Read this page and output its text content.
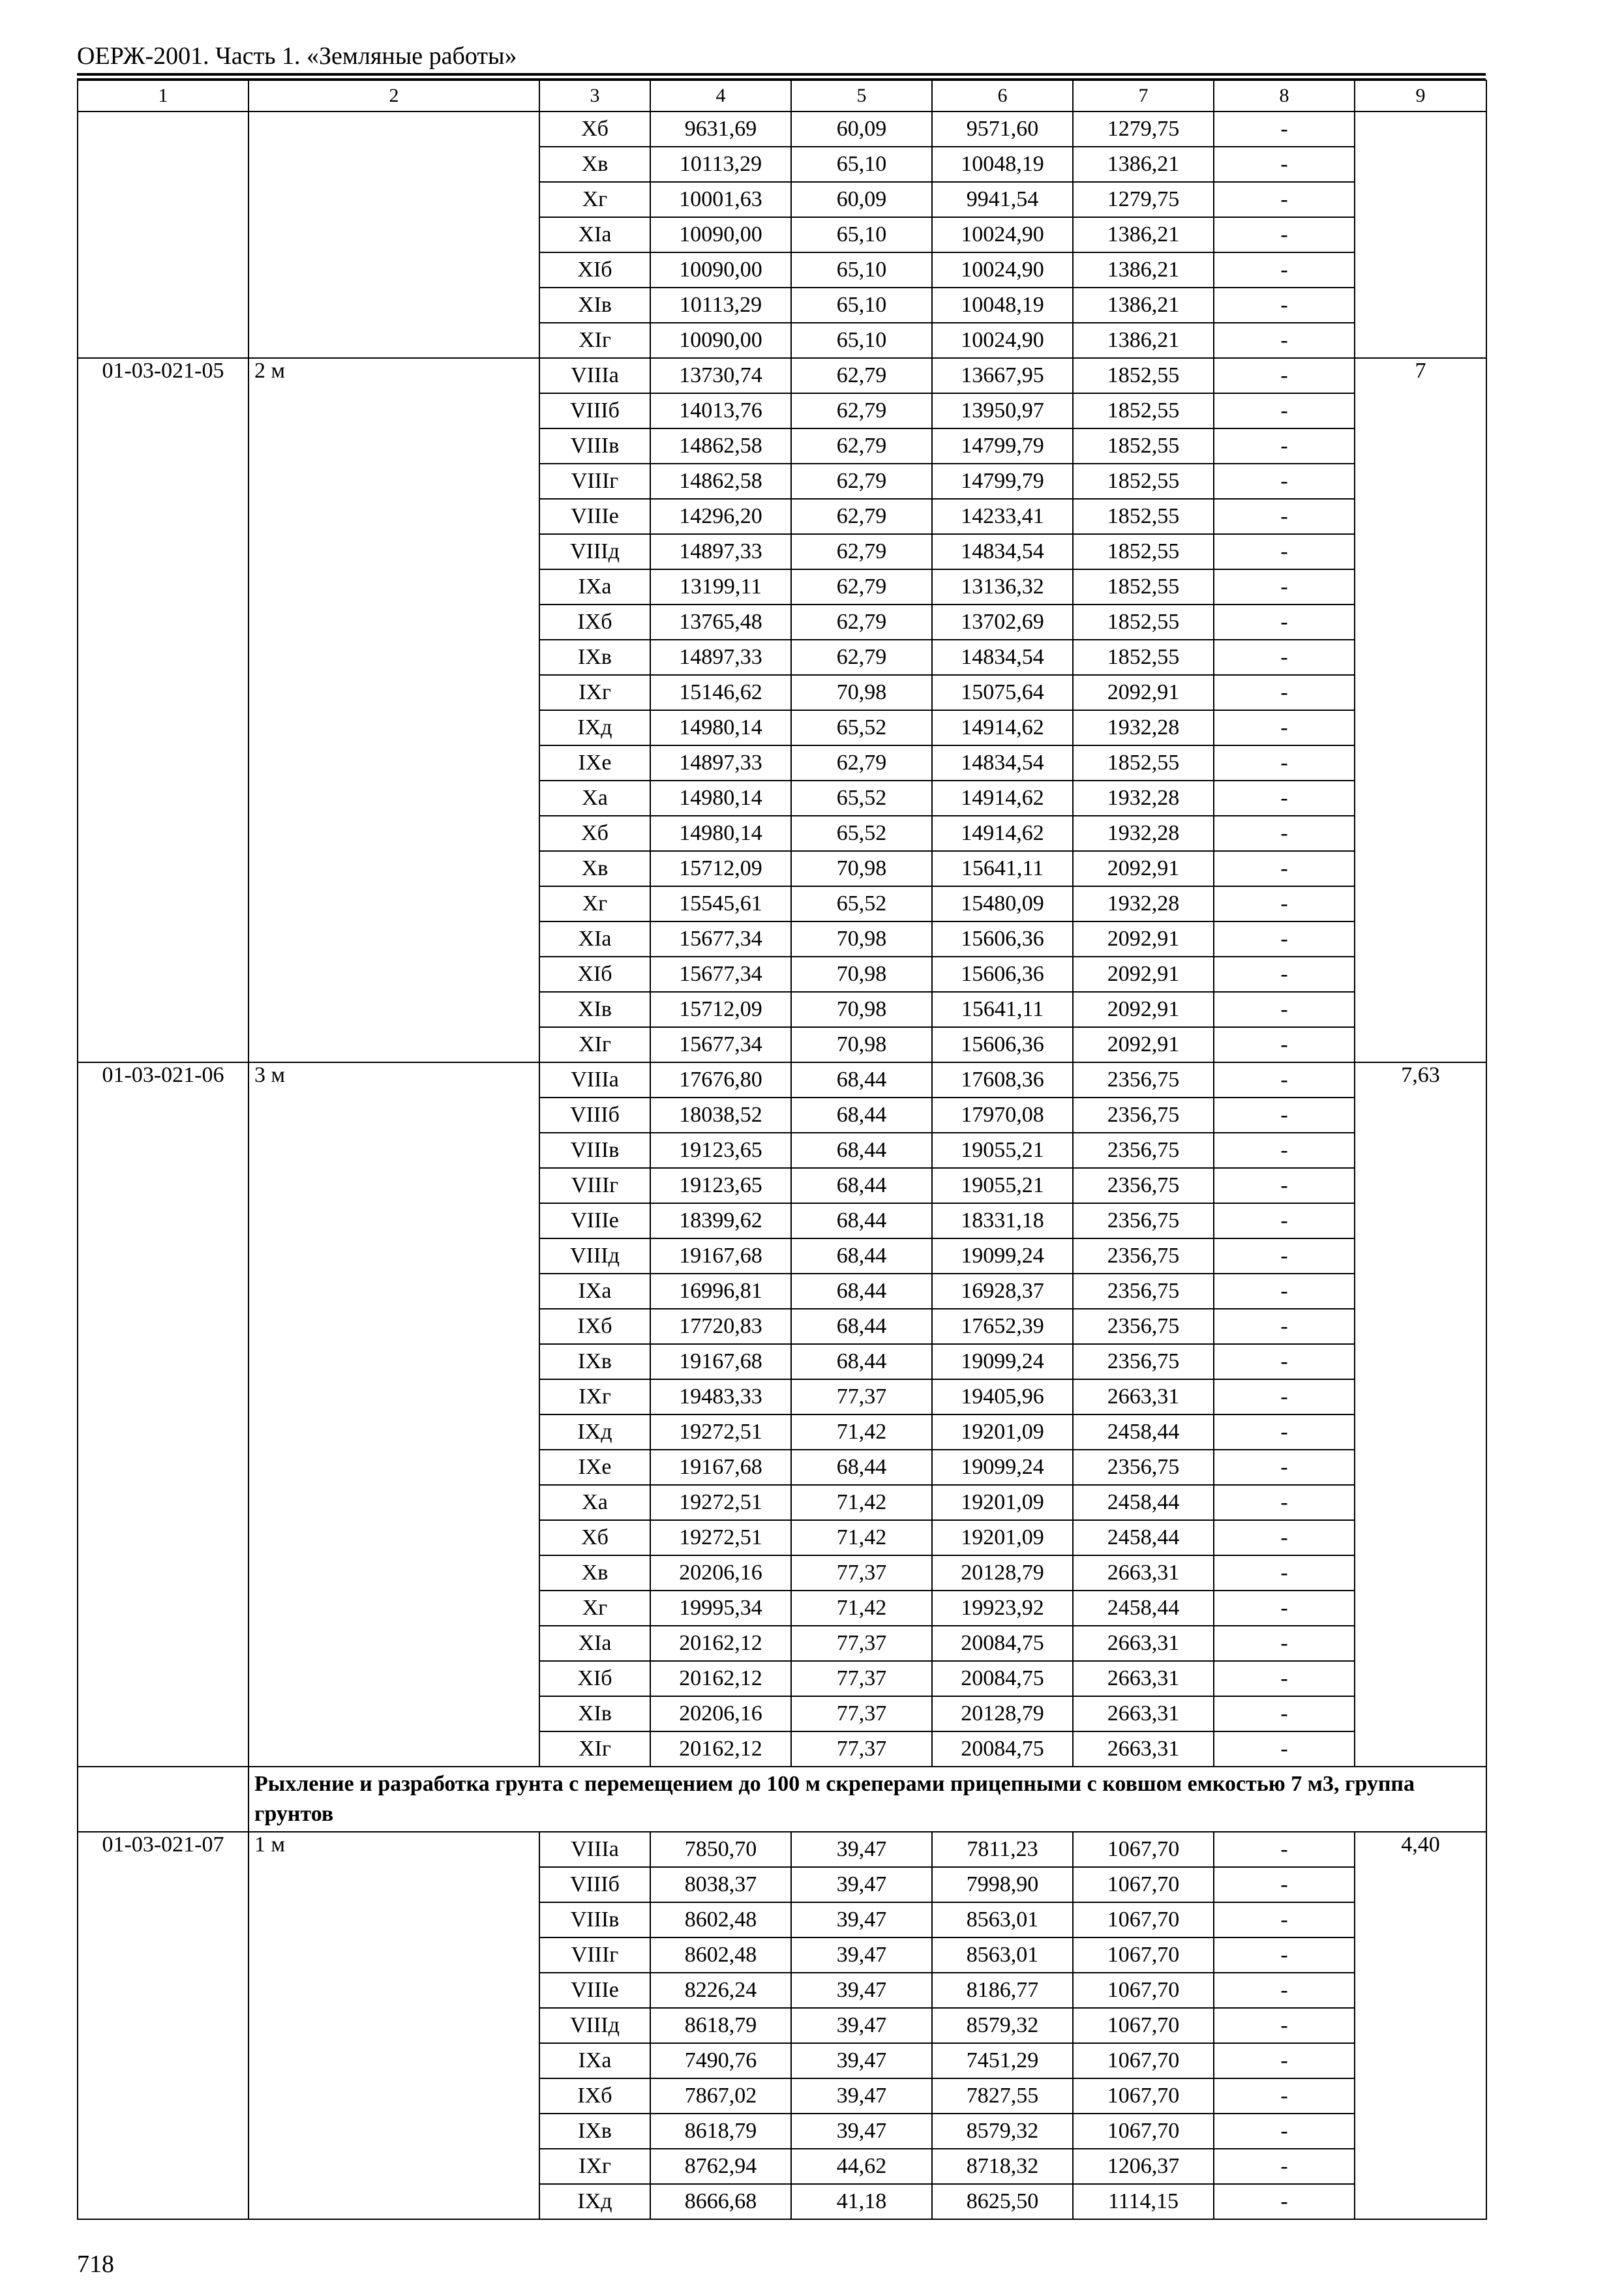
ОЕРЖ-2001. Часть 1. «Земляные работы»
1	2	3	4	5	6	7	8	9
		Хб	9631,69	60,09	9571,60	1279,75	-	
		Хв	10113,29	65,10	10048,19	1386,21	-	
		Хг	10001,63	60,09	9941,54	1279,75	-	
		ХIа	10090,00	65,10	10024,90	1386,21	-	
		ХIб	10090,00	65,10	10024,90	1386,21	-	
		ХIв	10113,29	65,10	10048,19	1386,21	-	
		ХIг	10090,00	65,10	10024,90	1386,21	-	
01-03-021-05	2 м	VIIIа	13730,74	62,79	13667,95	1852,55	-	7
		VIIIб	14013,76	62,79	13950,97	1852,55	-	
		VIIIв	14862,58	62,79	14799,79	1852,55	-	
		VIIIг	14862,58	62,79	14799,79	1852,55	-	
		VIIIе	14296,20	62,79	14233,41	1852,55	-	
		VIIIд	14897,33	62,79	14834,54	1852,55	-	
		IХа	13199,11	62,79	13136,32	1852,55	-	
		IХб	13765,48	62,79	13702,69	1852,55	-	
		IХв	14897,33	62,79	14834,54	1852,55	-	
		IХг	15146,62	70,98	15075,64	2092,91	-	
		IХд	14980,14	65,52	14914,62	1932,28	-	
		IХе	14897,33	62,79	14834,54	1852,55	-	
		Ха	14980,14	65,52	14914,62	1932,28	-	
		Хб	14980,14	65,52	14914,62	1932,28	-	
		Хв	15712,09	70,98	15641,11	2092,91	-	
		Хг	15545,61	65,52	15480,09	1932,28	-	
		ХIа	15677,34	70,98	15606,36	2092,91	-	
		ХIб	15677,34	70,98	15606,36	2092,91	-	
		ХIв	15712,09	70,98	15641,11	2092,91	-	
		ХIг	15677,34	70,98	15606,36	2092,91	-	
01-03-021-06	3 м	VIIIа	17676,80	68,44	17608,36	2356,75	-	7,63
		VIIIб	18038,52	68,44	17970,08	2356,75	-	
		VIIIв	19123,65	68,44	19055,21	2356,75	-	
		VIIIг	19123,65	68,44	19055,21	2356,75	-	
		VIIIе	18399,62	68,44	18331,18	2356,75	-	
		VIIIд	19167,68	68,44	19099,24	2356,75	-	
		IХа	16996,81	68,44	16928,37	2356,75	-	
		IХб	17720,83	68,44	17652,39	2356,75	-	
		IХв	19167,68	68,44	19099,24	2356,75	-	
		IХг	19483,33	77,37	19405,96	2663,31	-	
		IХд	19272,51	71,42	19201,09	2458,44	-	
		IХе	19167,68	68,44	19099,24	2356,75	-	
		Ха	19272,51	71,42	19201,09	2458,44	-	
		Хб	19272,51	71,42	19201,09	2458,44	-	
		Хв	20206,16	77,37	20128,79	2663,31	-	
		Хг	19995,34	71,42	19923,92	2458,44	-	
		ХIа	20162,12	77,37	20084,75	2663,31	-	
		ХIб	20162,12	77,37	20084,75	2663,31	-	
		ХIв	20206,16	77,37	20128,79	2663,31	-	
		ХIг	20162,12	77,37	20084,75	2663,31	-	
	Рыхление и разработка грунта с перемещением до 100 м скреперами прицепными с ковшом емкостью 7 м3, группа грунтов							
01-03-021-07	1 м	VIIIа	7850,70	39,47	7811,23	1067,70	-	4,40
		VIIIб	8038,37	39,47	7998,90	1067,70	-	
		VIIIв	8602,48	39,47	8563,01	1067,70	-	
		VIIIг	8602,48	39,47	8563,01	1067,70	-	
		VIIIе	8226,24	39,47	8186,77	1067,70	-	
		VIIIд	8618,79	39,47	8579,32	1067,70	-	
		IХа	7490,76	39,47	7451,29	1067,70	-	
		IХб	7867,02	39,47	7827,55	1067,70	-	
		IХв	8618,79	39,47	8579,32	1067,70	-	
		IХг	8762,94	44,62	8718,32	1206,37	-	
		IХд	8666,68	41,18	8625,50	1114,15	-	
718
